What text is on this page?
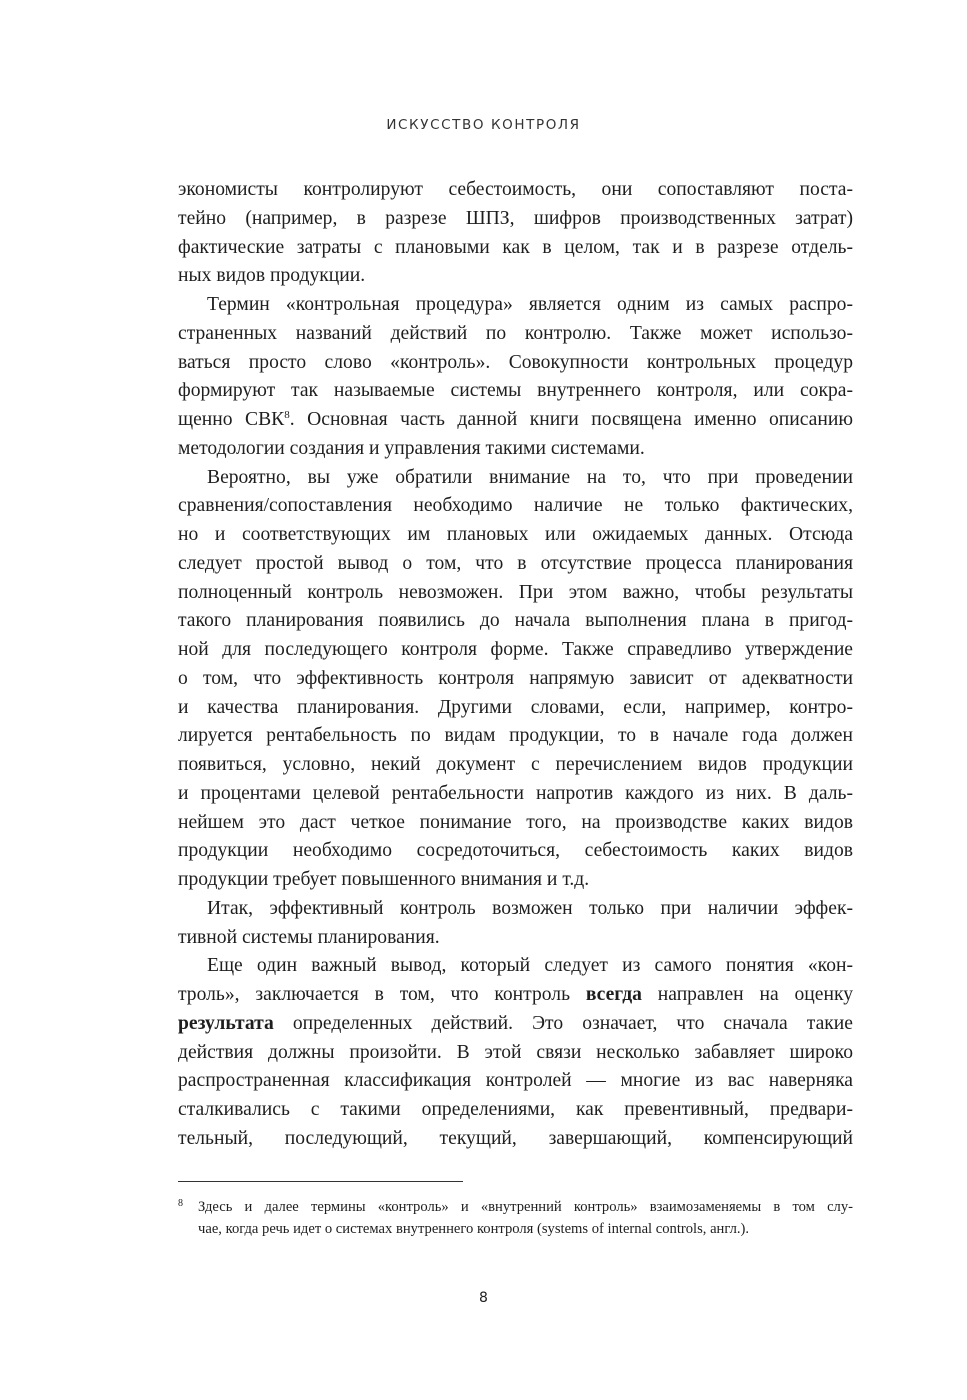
ИСКУССТВО КОНТРОЛЯ
экономисты контролируют себестоимость, они сопоставляют поста-
тейно (например, в разрезе ШПЗ, шифров производственных затрат)
фактические затраты с плановыми как в целом, так и в разрезе отдель-
ных видов продукции.
Термин «контрольная процедура» является одним из самых распро-
страненных названий действий по контролю. Также может использо-
ваться просто слово «контроль». Совокупности контрольных процедур
формируют так называемые системы внутреннего контроля, или сокра-
щенно СВК$^8$. Основная часть данной книги посвящена именно описанию
методологии создания и управления такими системами.
Вероятно, вы уже обратили внимание на то, что при проведении
сравнения/сопоставления необходимо наличие не только фактических,
но и соответствующих им плановых или ожидаемых данных. Отсюда
следует простой вывод о том, что в отсутствие процесса планирования
полноценный контроль невозможен. При этом важно, чтобы результаты
такого планирования появились до начала выполнения плана в пригод-
ной для последующего контроля форме. Также справедливо утверждение
о том, что эффективность контроля напрямую зависит от адекватности
и качества планирования. Другими словами, если, например, контро-
лируется рентабельность по видам продукции, то в начале года должен
появиться, условно, некий документ с перечислением видов продукции
и процентами целевой рентабельности напротив каждого из них. В даль-
нейшем это даст четкое понимание того, на производстве каких видов
продукции необходимо сосредоточиться, себестоимость каких видов
продукции требует повышенного внимания и т.д.
Итак, эффективный контроль возможен только при наличии эффек-
тивной системы планирования.
Еще один важный вывод, который следует из самого понятия «кон-
троль», заключается в том, что контроль всегда направлен на оценку
результата определенных действий. Это означает, что сначала такие
действия должны произойти. В этой связи несколько забавляет широко
распространенная классификация контролей — многие из вас наверняка
сталкивались с такими определениями, как превентивный, предвари-
тельный, последующий, текущий, завершающий, компенсирующий
8 Здесь и далее термины «контроль» и «внутренний контроль» взаимозаменяемы в том слу-
чае, когда речь идет о системах внутреннего контроля (systems of internal controls, англ.).
8
